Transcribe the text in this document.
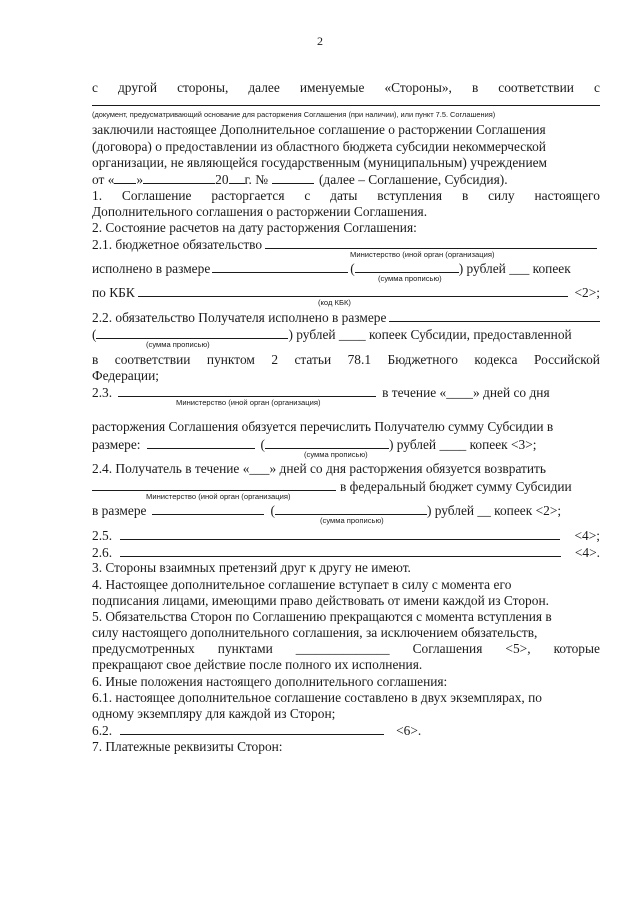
2
с другой стороны, далее именуемые «Стороны», в соответствии с
(документ, предусматривающий основание для расторжения Соглашения (при наличии), или пункт 7.5. Соглашения)
заключили настоящее Дополнительное соглашение о расторжении Соглашения
(договора) о предоставлении из областного бюджета субсидии некоммерческой
организации, не являющейся государственным (муниципальным) учреждением
от « »	20 г. №	(далее – Соглашение, Субсидия).
1. Соглашение расторгается с даты вступления в силу настоящего
Дополнительного соглашения о расторжении Соглашения.
2. Состояние расчетов на дату расторжения Соглашения:
2.1. бюджетное обязательство
Министерство (иной орган (организация)
исполнено в размере	(	) рублей ___ копеек
(сумма прописью)
по КБК	<2>;
(код КБК)
2.2. обязательство Получателя исполнено в размере
(	) рублей ____ копеек Субсидии, предоставленной
(сумма прописью)
в соответствии пунктом 2 статьи 78.1 Бюджетного кодекса Российской
Федерации;
2.3.	в течение «____» дней со дня
Министерство (иной орган (организация)
расторжения Соглашения обязуется перечислить Получателю сумму Субсидии в
размере:	(	) рублей ____ копеек <3>;
(сумма прописью)
2.4. Получатель в течение «___» дней со дня расторжения обязуется возвратить
в федеральный бюджет сумму Субсидии
Министерство (иной орган (организация)
в размере	(	) рублей __ копеек <2>;
(сумма прописью)
2.5.	<4>;
2.6.	<4>.
3. Стороны взаимных претензий друг к другу не имеют.
4. Настоящее дополнительное соглашение вступает в силу с момента его
подписания лицами, имеющими право действовать от имени каждой из Сторон.
5. Обязательства Сторон по Соглашению прекращаются с момента вступления в
силу настоящего дополнительного соглашения, за исключением обязательств,
предусмотренных пунктами ______________ Соглашения <5>, которые
прекращают свое действие после полного их исполнения.
6. Иные положения настоящего дополнительного соглашения:
6.1. настоящее дополнительное соглашение составлено в двух экземплярах, по
одному экземпляру для каждой из Сторон;
6.2.	<6>.
7. Платежные реквизиты Сторон:
